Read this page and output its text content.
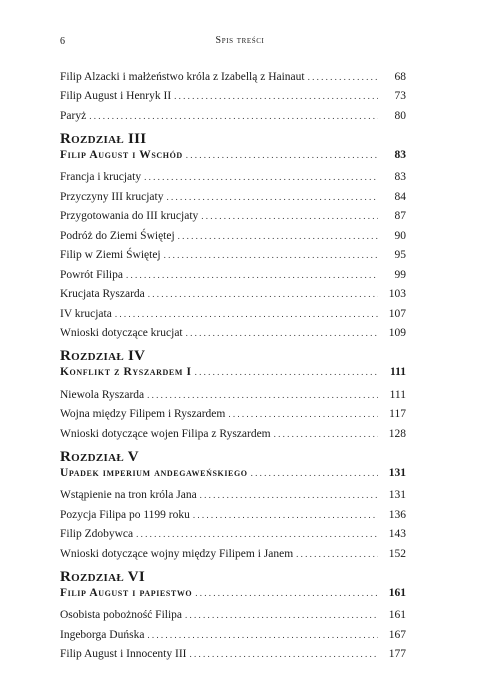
6	Spis treści
Filip Alzacki i małżeństwo króla z Izabellą z Hainaut . . .	68
Filip August i Henryk II . . .	73
Paryż . . .	80
Rozdział III
Filip August i Wschód . . .	83
Francja i krucjaty . . .	83
Przyczyny III krucjaty . . .	84
Przygotowania do III krucjaty . . .	87
Podróż do Ziemi Świętej . . .	90
Filip w Ziemi Świętej . . .	95
Powrót Filipa . . .	99
Krucjata Ryszarda . . .	103
IV krucjata . . .	107
Wnioski dotyczące krucjat . . .	109
Rozdział IV
Konflikt z Ryszardem I . . .	111
Niewola Ryszarda . . .	111
Wojna między Filipem i Ryszardem . . .	117
Wnioski dotyczące wojen Filipa z Ryszardem . . .	128
Rozdział V
Upadek imperium andegaweńskiego . . .	131
Wstąpienie na tron króla Jana . . .	131
Pozycja Filipa po 1199 roku . . .	136
Filip Zdobywca . . .	143
Wnioski dotyczące wojny między Filipem i Janem . . .	152
Rozdział VI
Filip August i papiestwo . . .	161
Osobista pobożność Filipa . . .	161
Ingeborga Duńska . . .	167
Filip August i Innocenty III . . .	177
